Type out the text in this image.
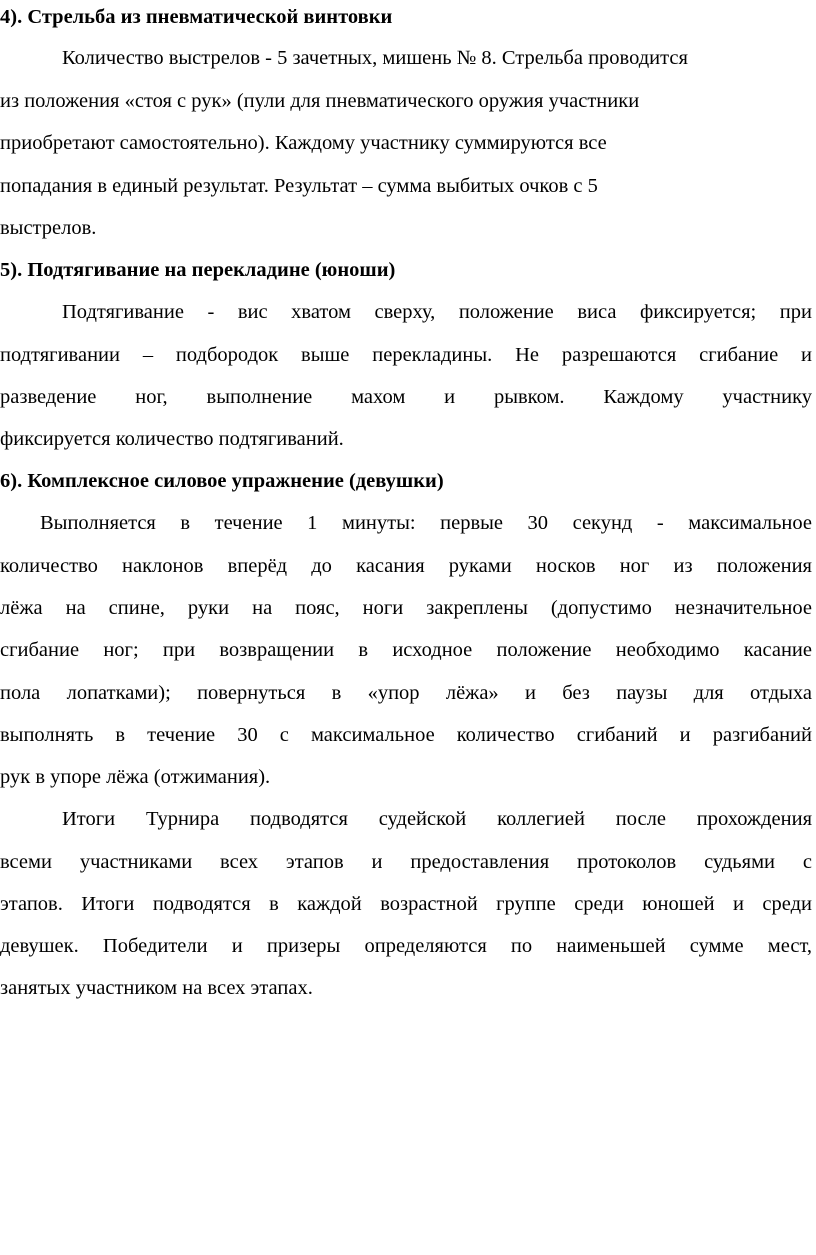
4). Стрельба из пневматической винтовки
Количество выстрелов - 5 зачетных, мишень № 8. Стрельба проводится
из положения «стоя с рук» (пули для пневматического оружия участники
приобретают самостоятельно). Каждому участнику суммируются все
попадания в единый результат. Результат – сумма выбитых очков с 5
выстрелов.
5). Подтягивание на перекладине (юноши)
Подтягивание - вис хватом сверху, положение виса фиксируется; при
подтягивании – подбородок выше перекладины. Не разрешаются сгибание и
разведение ног, выполнение махом и рывком. Каждому участнику
фиксируется количество подтягиваний.
6). Комплексное силовое упражнение (девушки)
Выполняется в течение 1 минуты: первые 30 секунд - максимальное
количество наклонов вперёд до касания руками носков ног из положения
лёжа на спине, руки на пояс, ноги закреплены (допустимо незначительное
сгибание ног; при возвращении в исходное положение необходимо касание
пола лопатками); повернуться в «упор лёжа» и без паузы для отдыха
выполнять в течение 30 с максимальное количество сгибаний и разгибаний
рук в упоре лёжа (отжимания).
Итоги Турнира подводятся судейской коллегией после прохождения
всеми участниками всех этапов и предоставления протоколов судьями с
этапов. Итоги подводятся в каждой возрастной группе среди юношей и среди
девушек. Победители и призеры определяются по наименьшей сумме мест,
занятых участником на всех этапах.
